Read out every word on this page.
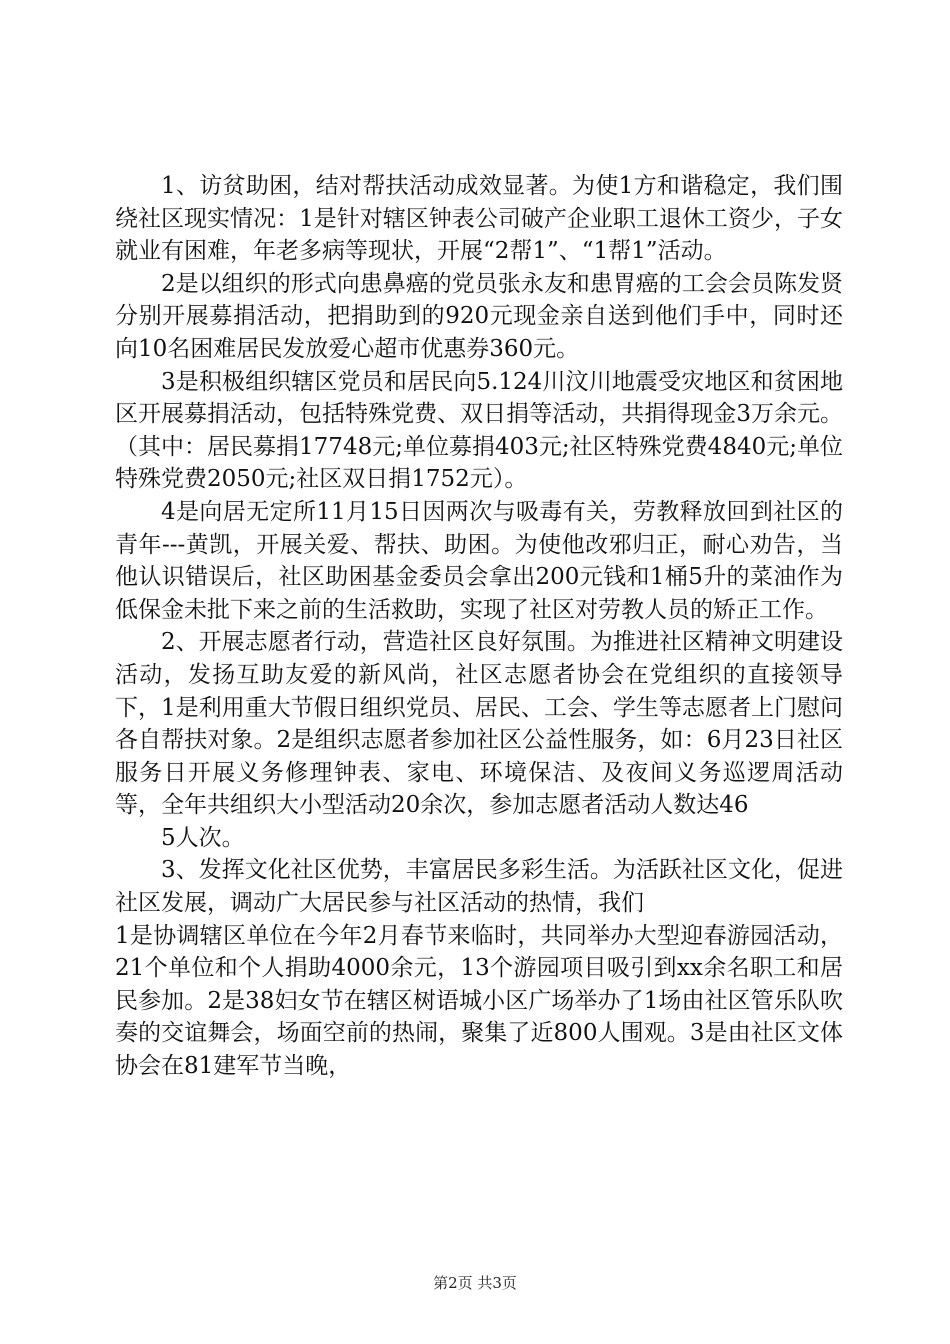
1、访贫助困，结对帮扶活动成效显著。为使1方和谐稳定，我们围绕社区现实情况：1是针对辖区钟表公司破产企业职工退休工资少，子女就业有困难，年老多病等现状，开展“2帮1”、“1帮1”活动。

2是以组织的形式向患鼻癌的党员张永友和患胃癌的工会会员陈发贤分别开展募捐活动，把捐助到的920元现金亲自送到他们手中，同时还向10名困难居民发放爱心超市优惠券360元。

3是积极组织辖区党员和居民向5.124川汶川地震受灾地区和贫困地区开展募捐活动，包括特殊党费、双日捐等活动，共捐得现金3万余元。（其中：居民募捐17748元;单位募捐403元;社区特殊党费4840元;单位特殊党费2050元;社区双日捐1752元）。

4是向居无定所11月15日因两次与吸毒有关，劳教释放回到社区的青年---黄凯，开展关爱、帮扶、助困。为使他改邪归正，耐心劝告，当他认识错误后，社区助困基金委员会拿出200元钱和1桶5升的菜油作为低保金未批下来之前的生活救助，实现了社区对劳教人员的矫正工作。

2、开展志愿者行动，营造社区良好氛围。为推进社区精神文明建设活动，发扬互助友爱的新风尚，社区志愿者协会在党组织的直接领导下，1是利用重大节假日组织党员、居民、工会、学生等志愿者上门慰问各自帮扶对象。2是组织志愿者参加社区公益性服务，如：6月23日社区服务日开展义务修理钟表、家电、环境保洁、及夜间义务巡逻周活动等，全年共组织大小型活动20余次，参加志愿者活动人数达46

5人次。

3、发挥文化社区优势，丰富居民多彩生活。为活跃社区文化，促进社区发展，调动广大居民参与社区活动的热情，我们

1是协调辖区单位在今年2月春节来临时，共同举办大型迎春游园活动，21个单位和个人捐助4000余元，13个游园项目吸引到xx余名职工和居民参加。2是38妇女节在辖区树语城小区广场举办了1场由社区管乐队吹奏的交谊舞会，场面空前的热闹，聚集了近800人围观。3是由社区文体协会在81建军节当晚，

第2页 共3页
